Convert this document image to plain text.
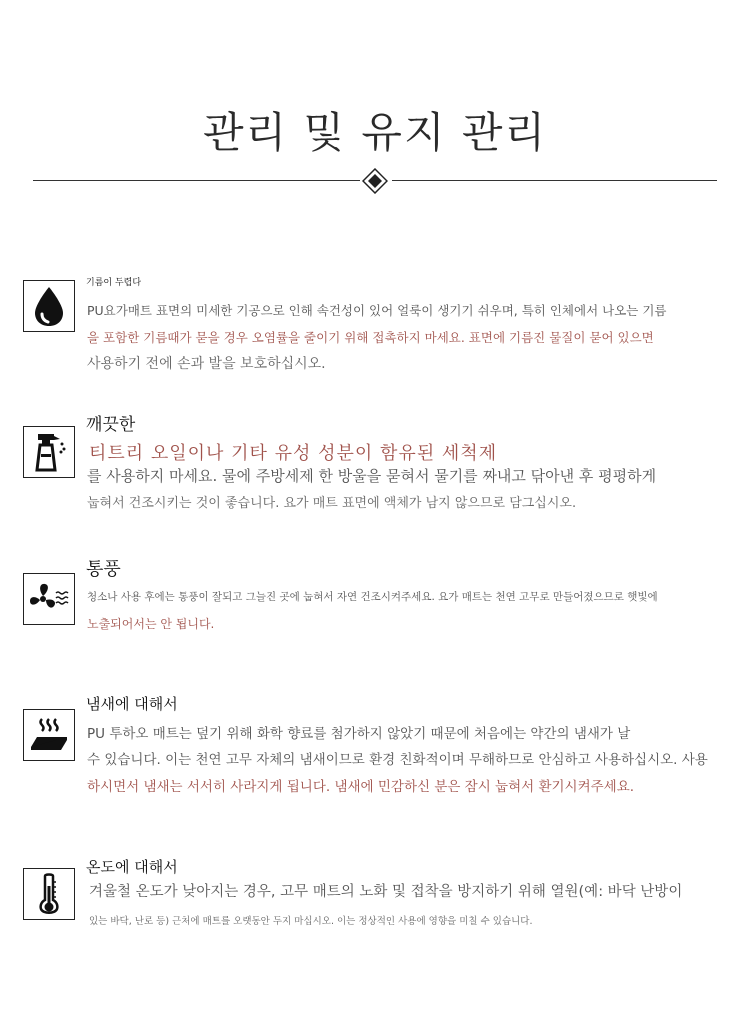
관리 및 유지 관리

기름이 두렵다

PU요가매트 표면의 미세한 기공으로 인해 속건성이 있어 얼룩이 생기기 쉬우며, 특히 인체에서 나오는 기름

을 포함한 기름때가 묻을 경우 오염률을 줄이기 위해 접촉하지 마세요. 표면에 기름진 물질이 묻어 있으면

사용하기 전에 손과 발을 보호하십시오.

깨끗한

티트리 오일이나 기타 유성 성분이 함유된 세척제

를 사용하지 마세요. 물에 주방세제 한 방울을 묻혀서 물기를 짜내고 닦아낸 후 평평하게

눕혀서 건조시키는 것이 좋습니다. 요가 매트 표면에 액체가 남지 않으므로 담그십시오.

통풍

청소나 사용 후에는 통풍이 잘되고 그늘진 곳에 눕혀서 자연 건조시켜주세요. 요가 매트는 천연 고무로 만들어졌으므로 햇빛에

노출되어서는 안 됩니다.

냄새에 대해서

PU 투하오 매트는 덮기 위해 화학 향료를 첨가하지 않았기 때문에 처음에는 약간의 냄새가 날

수 있습니다. 이는 천연 고무 자체의 냄새이므로 환경 친화적이며 무해하므로 안심하고 사용하십시오. 사용

하시면서 냄새는 서서히 사라지게 됩니다. 냄새에 민감하신 분은 잠시 눕혀서 환기시켜주세요.

온도에 대해서

겨울철 온도가 낮아지는 경우, 고무 매트의 노화 및 접착을 방지하기 위해 열원(예: 바닥 난방이

있는 바닥, 난로 등) 근처에 매트를 오랫동안 두지 마십시오. 이는 정상적인 사용에 영향을 미칠 수 있습니다.
